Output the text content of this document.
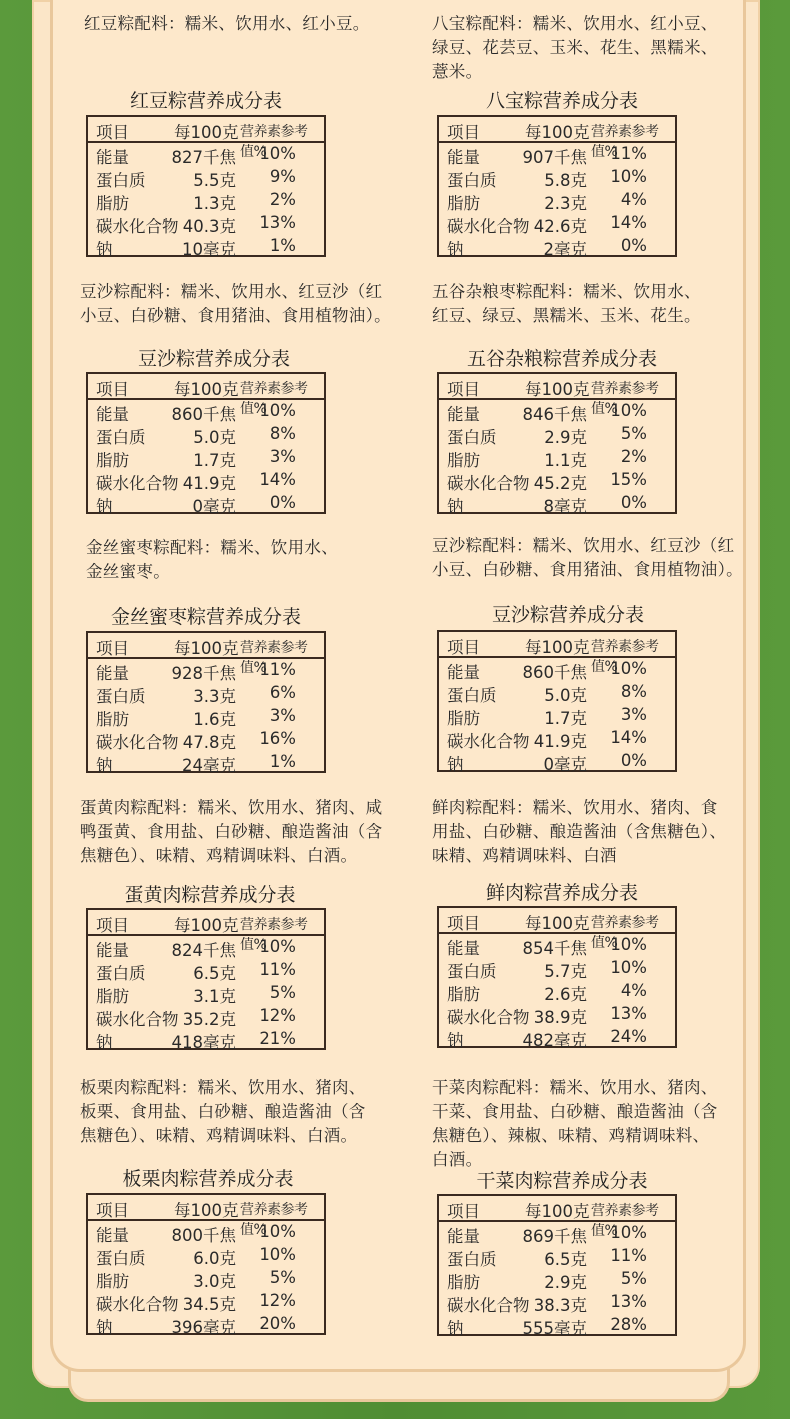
红豆粽配料：糯米、饮用水、红小豆。
红豆粽营养成分表
项目	每100克 营养素参考值%
能量	827千焦 10%
蛋白质	5.5克 9%
脂肪	1.3克 2%
碳水化合物 40.3克 13%
钠	10毫克 1%
八宝粽配料：糯米、饮用水、红小豆、
绿豆、花芸豆、玉米、花生、黑糯米、
薏米。
八宝粽营养成分表
项目	每100克 营养素参考值%
能量	907千焦 11%
蛋白质	5.8克 10%
脂肪	2.3克 4%
碳水化合物 42.6克 14%
钠	2毫克 0%
豆沙粽配料：糯米、饮用水、红豆沙（红
小豆、白砂糖、食用猪油、食用植物油）。
豆沙粽营养成分表
项目	每100克 营养素参考值%
能量	860千焦 10%
蛋白质	5.0克 8%
脂肪	1.7克 3%
碳水化合物 41.9克 14%
钠	0毫克 0%
五谷杂粮枣粽配料：糯米、饮用水、
红豆、绿豆、黑糯米、玉米、花生。
五谷杂粮粽营养成分表
项目	每100克 营养素参考值%
能量	846千焦 10%
蛋白质	2.9克 5%
脂肪	1.1克 2%
碳水化合物 45.2克 15%
钠	8毫克 0%
金丝蜜枣粽配料：糯米、饮用水、
金丝蜜枣。
金丝蜜枣粽营养成分表
项目	每100克 营养素参考值%
能量	928千焦 11%
蛋白质	3.3克 6%
脂肪	1.6克 3%
碳水化合物 47.8克 16%
钠	24毫克 1%
豆沙粽配料：糯米、饮用水、红豆沙（红
小豆、白砂糖、食用猪油、食用植物油）。
豆沙粽营养成分表
项目	每100克 营养素参考值%
能量	860千焦 10%
蛋白质	5.0克 8%
脂肪	1.7克 3%
碳水化合物 41.9克 14%
钠	0毫克 0%
蛋黄肉粽配料：糯米、饮用水、猪肉、咸
鸭蛋黄、食用盐、白砂糖、酿造酱油（含
焦糖色）、味精、鸡精调味料、白酒。
蛋黄肉粽营养成分表
项目	每100克 营养素参考值%
能量	824千焦 10%
蛋白质	6.5克 11%
脂肪	3.1克 5%
碳水化合物 35.2克 12%
钠	418毫克 21%
鲜肉粽配料：糯米、饮用水、猪肉、食
用盐、白砂糖、酿造酱油（含焦糖色）、
味精、鸡精调味料、白酒
鲜肉粽营养成分表
项目	每100克 营养素参考值%
能量	854千焦 10%
蛋白质	5.7克 10%
脂肪	2.6克 4%
碳水化合物 38.9克 13%
钠	482毫克 24%
板栗肉粽配料：糯米、饮用水、猪肉、
板栗、食用盐、白砂糖、酿造酱油（含
焦糖色）、味精、鸡精调味料、白酒。
板栗肉粽营养成分表
项目	每100克 营养素参考值%
能量	800千焦 10%
蛋白质	6.0克 10%
脂肪	3.0克 5%
碳水化合物 34.5克 12%
钠	396毫克 20%
干菜肉粽配料：糯米、饮用水、猪肉、
干菜、食用盐、白砂糖、酿造酱油（含
焦糖色）、辣椒、味精、鸡精调味料、
白酒。
干菜肉粽营养成分表
项目	每100克 营养素参考值%
能量	869千焦 10%
蛋白质	6.5克 11%
脂肪	2.9克 5%
碳水化合物 38.3克 13%
钠	555毫克 28%
